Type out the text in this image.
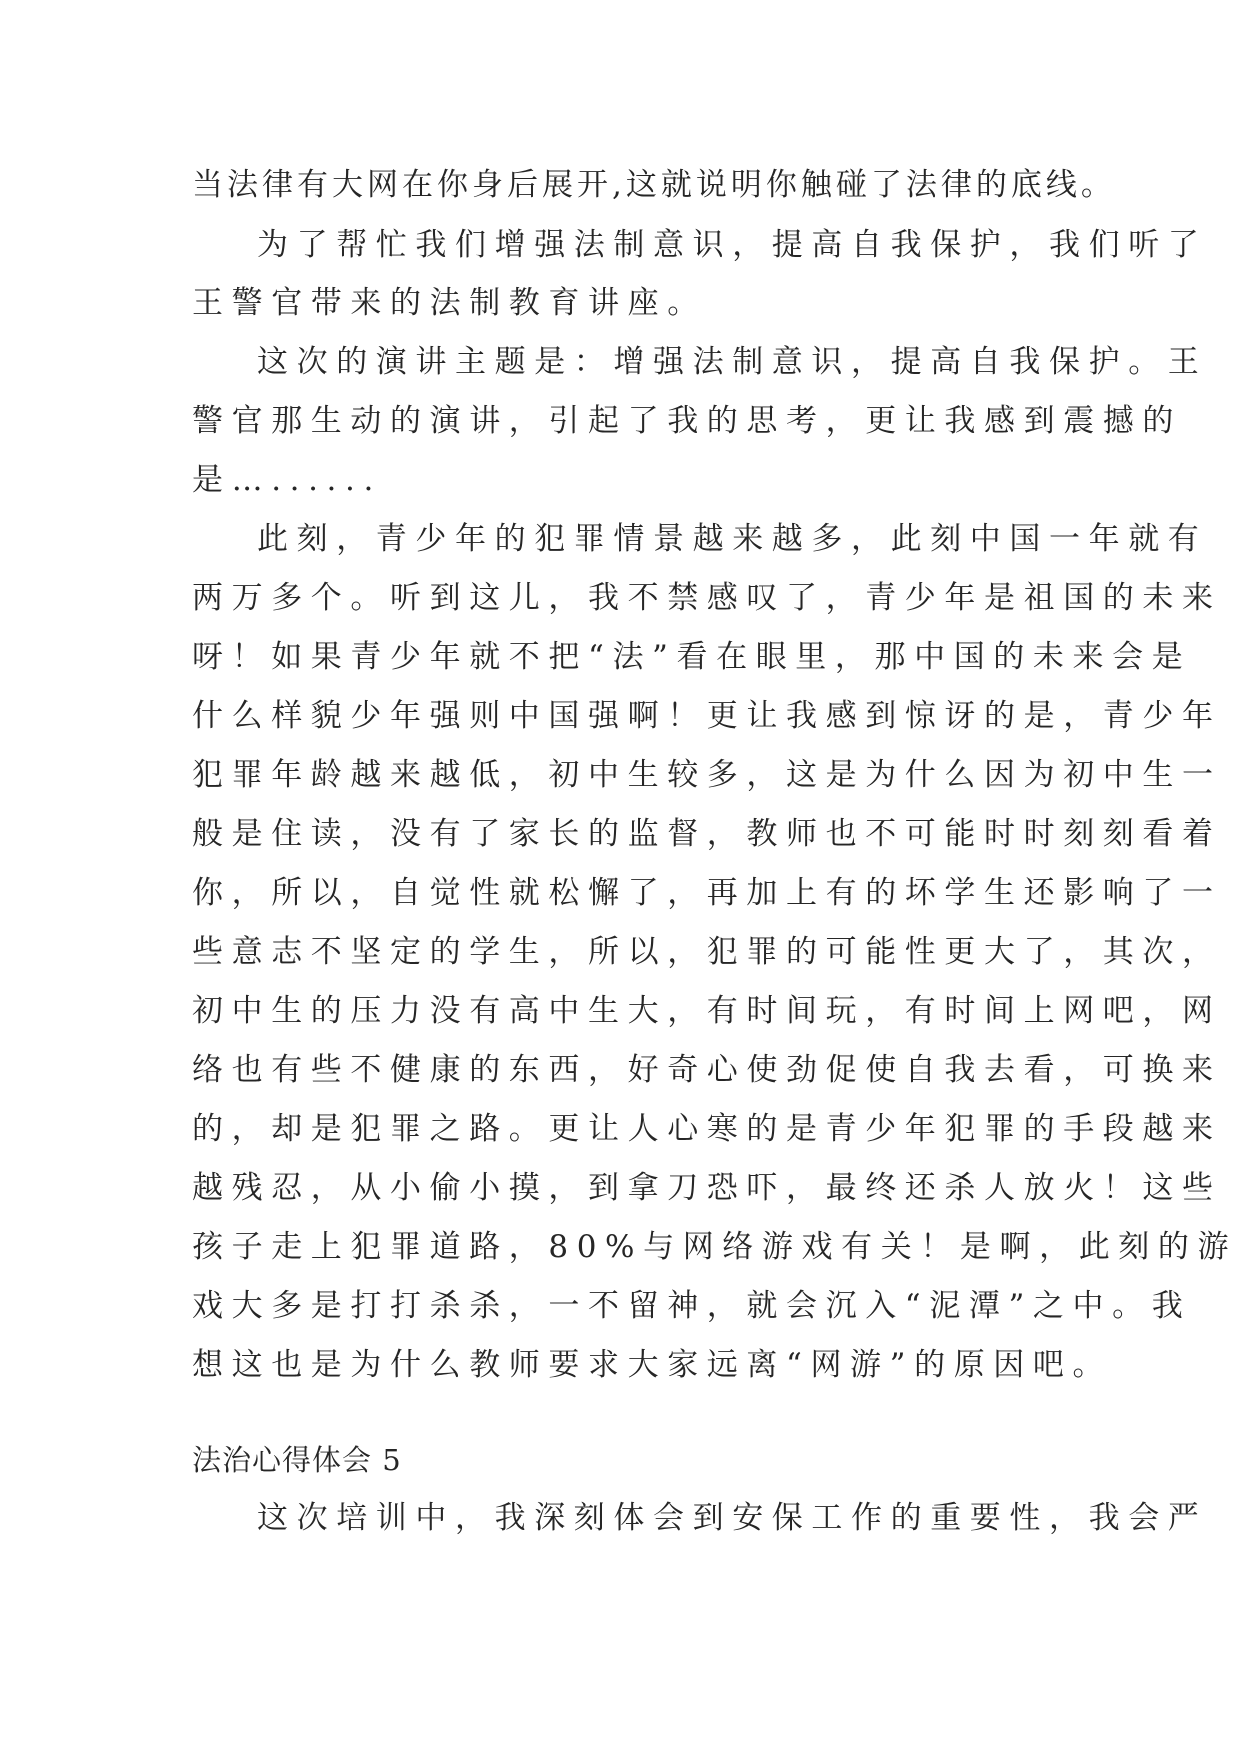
当法律有大网在你身后展开,这就说明你触碰了法律的底线。
为了帮忙我们增强法制意识，提高自我保护，我们听了
王警官带来的法制教育讲座。
这次的演讲主题是：增强法制意识，提高自我保护。王
警官那生动的演讲，引起了我的思考，更让我感到震撼的
是…......
此刻，青少年的犯罪情景越来越多，此刻中国一年就有
两万多个。听到这儿，我不禁感叹了，青少年是祖国的未来
呀！如果青少年就不把“法”看在眼里，那中国的未来会是
什么样貌少年强则中国强啊！更让我感到惊讶的是，青少年
犯罪年龄越来越低，初中生较多，这是为什么因为初中生一
般是住读，没有了家长的监督，教师也不可能时时刻刻看着
你，所以，自觉性就松懈了，再加上有的坏学生还影响了一
些意志不坚定的学生，所以，犯罪的可能性更大了，其次，
初中生的压力没有高中生大，有时间玩，有时间上网吧，网
络也有些不健康的东西，好奇心使劲促使自我去看，可换来
的，却是犯罪之路。更让人心寒的是青少年犯罪的手段越来
越残忍，从小偷小摸，到拿刀恐吓，最终还杀人放火！这些
孩子走上犯罪道路，80%与网络游戏有关！是啊，此刻的游
戏大多是打打杀杀，一不留神，就会沉入“泥潭”之中。我
想这也是为什么教师要求大家远离“网游”的原因吧。
法治心得体会 5
这次培训中，我深刻体会到安保工作的重要性，我会严
